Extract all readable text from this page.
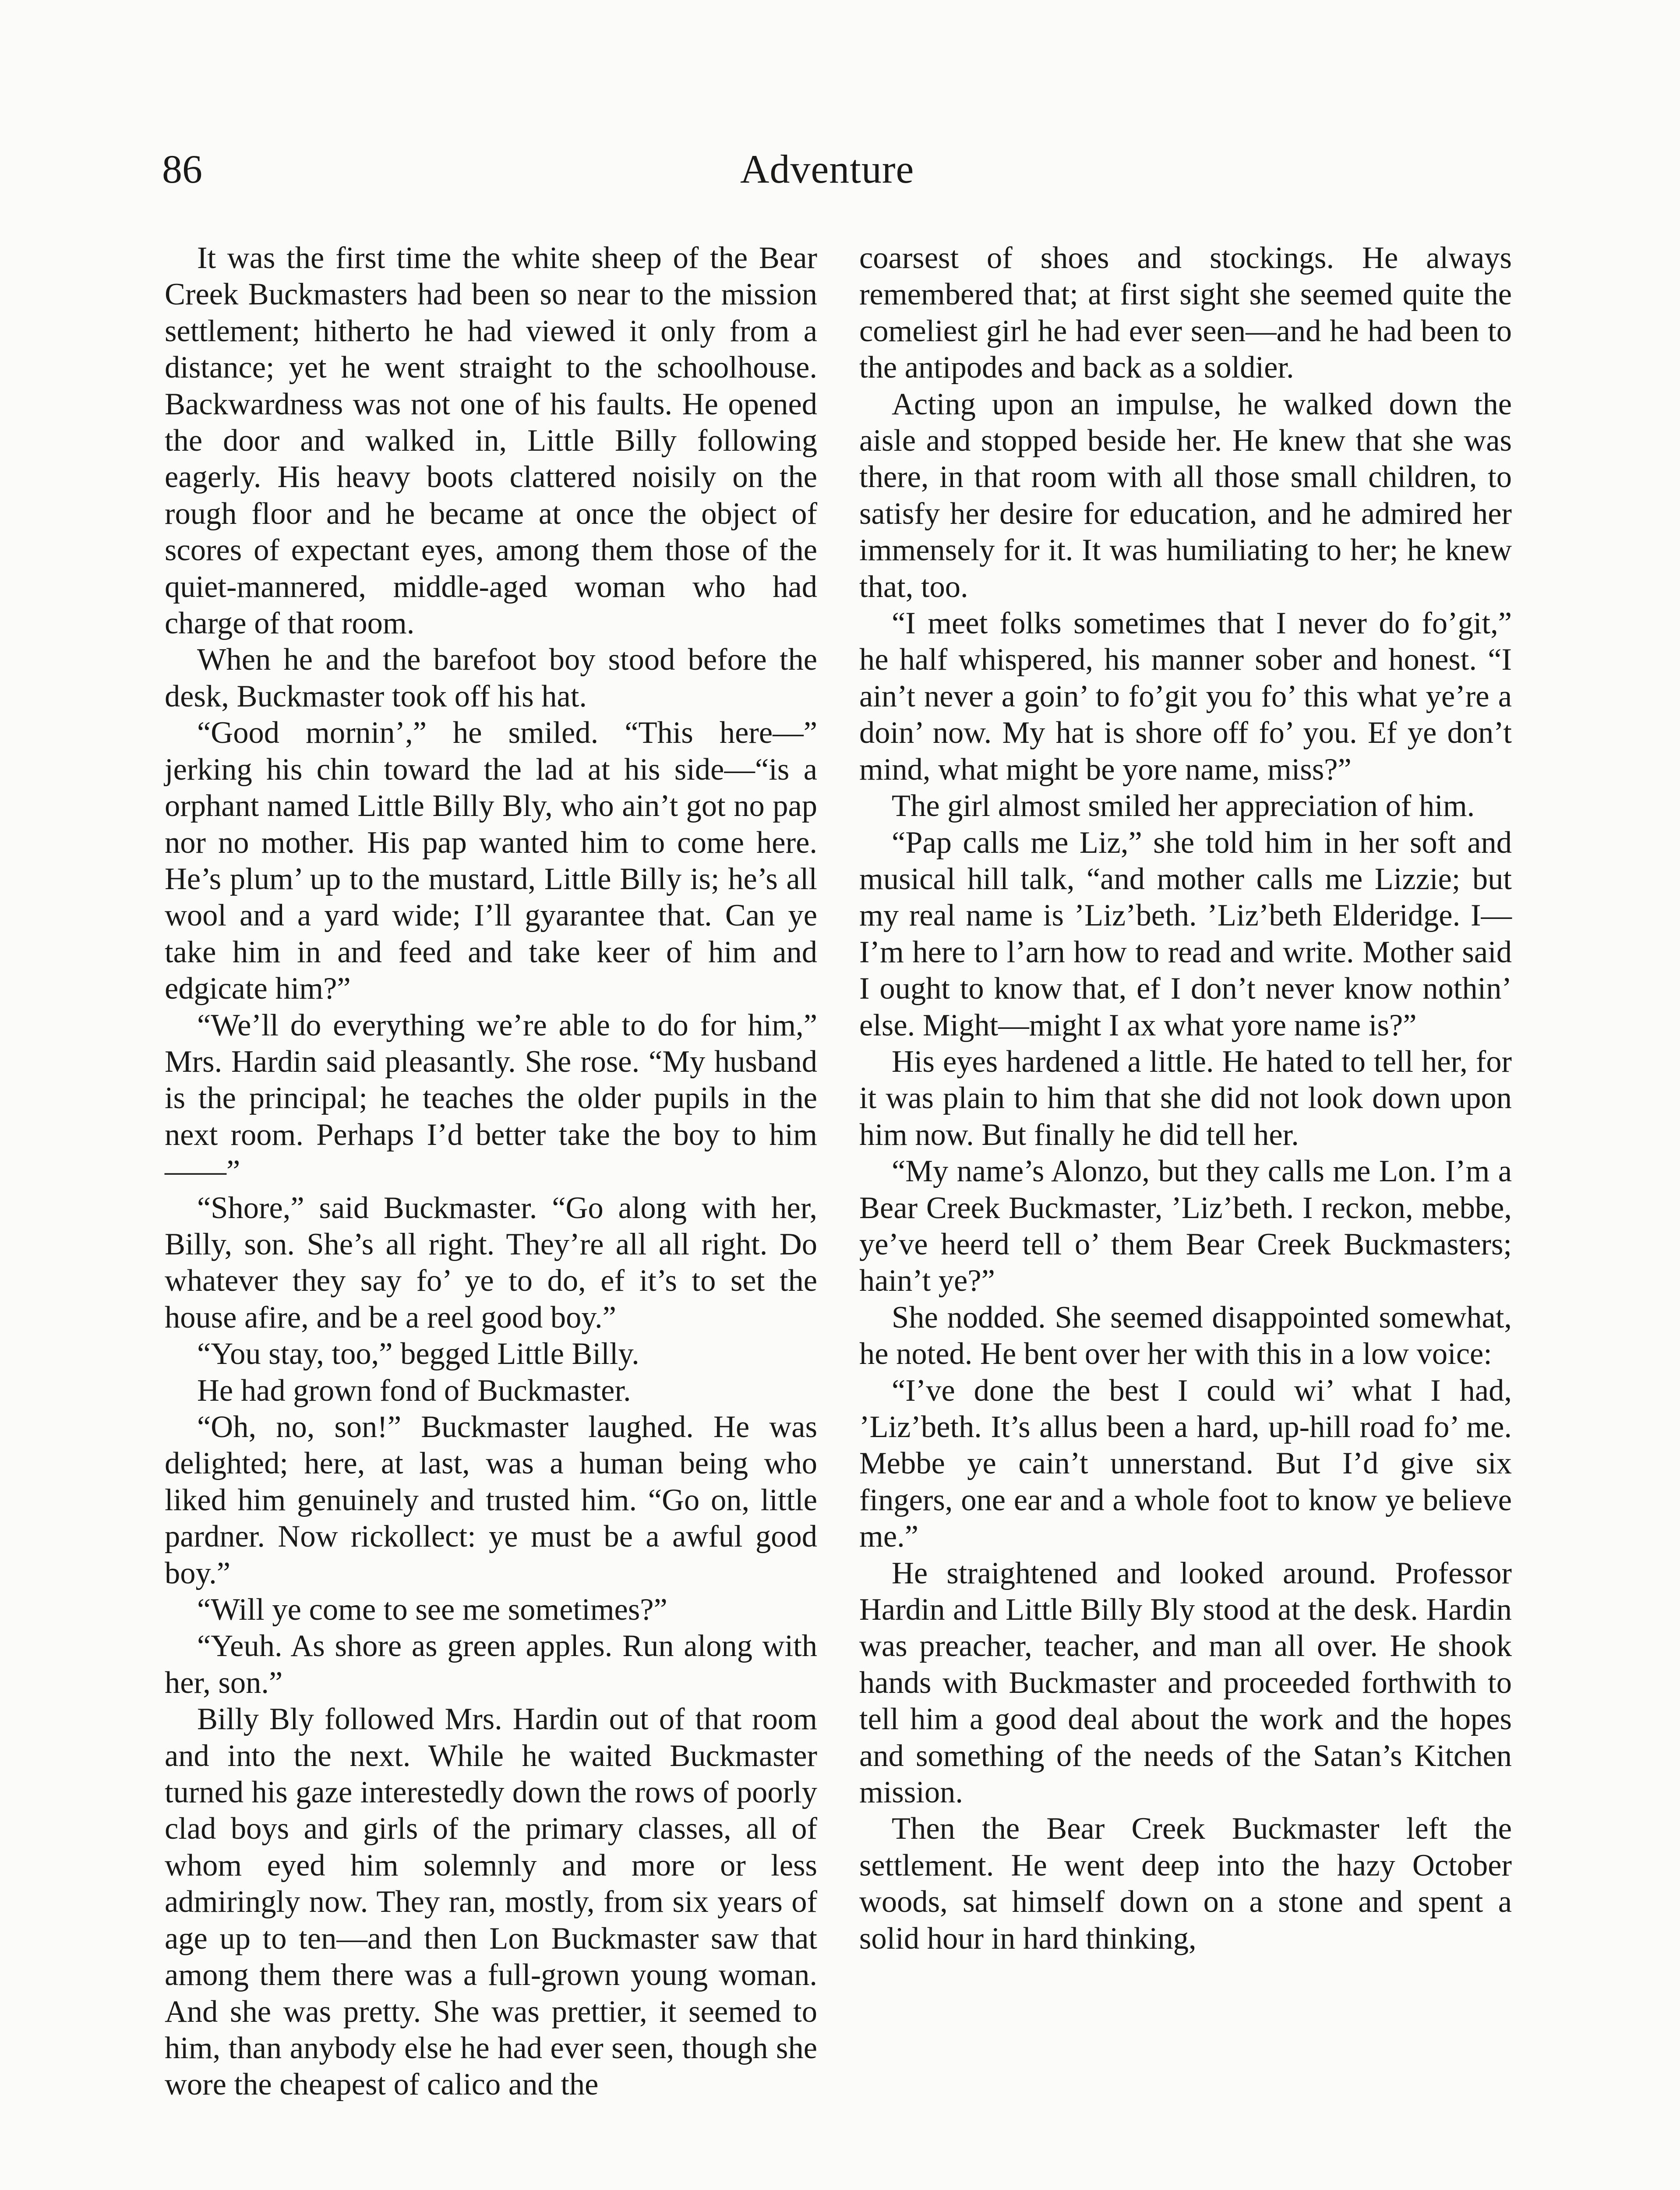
86	Adventure

It was the first time the white sheep of the Bear Creek Buckmasters had been so near to the mission settlement; hitherto he had viewed it only from a distance; yet he went straight to the schoolhouse. Backwardness was not one of his faults. He opened the door and walked in, Little Billy following eagerly. His heavy boots clattered noisily on the rough floor and he became at once the object of scores of expectant eyes, among them those of the quiet-mannered, middle-aged woman who had charge of that room.

When he and the barefoot boy stood before the desk, Buckmaster took off his hat.

“Good mornin’,” he smiled. “This here—” jerking his chin toward the lad at his side—“is a orphant named Little Billy Bly, who ain’t got no pap nor no mother. His pap wanted him to come here. He’s plum’ up to the mustard, Little Billy is; he’s all wool and a yard wide; I’ll gyarantee that. Can ye take him in and feed and take keer of him and edgicate him?”

“We’ll do everything we’re able to do for him,” Mrs. Hardin said pleasantly. She rose. “My husband is the principal; he teaches the older pupils in the next room. Perhaps I’d better take the boy to him——”

“Shore,” said Buckmaster. “Go along with her, Billy, son. She’s all right. They’re all all right. Do whatever they say fo’ ye to do, ef it’s to set the house afire, and be a reel good boy.”

“You stay, too,” begged Little Billy.

He had grown fond of Buckmaster.

“Oh, no, son!” Buckmaster laughed. He was delighted; here, at last, was a human being who liked him genuinely and trusted him. “Go on, little pardner. Now rickollect: ye must be a awful good boy.”

“Will ye come to see me sometimes?”

“Yeuh. As shore as green apples. Run along with her, son.”

Billy Bly followed Mrs. Hardin out of that room and into the next. While he waited Buckmaster turned his gaze interestedly down the rows of poorly clad boys and girls of the primary classes, all of whom eyed him solemnly and more or less admiringly now. They ran, mostly, from six years of age up to ten—and then Lon Buckmaster saw that among them there was a full-grown young woman. And she was pretty. She was prettier, it seemed to him, than anybody else he had ever seen, though she wore the cheapest of calico and the

coarsest of shoes and stockings. He always remembered that; at first sight she seemed quite the comeliest girl he had ever seen—and he had been to the antipodes and back as a soldier.

Acting upon an impulse, he walked down the aisle and stopped beside her. He knew that she was there, in that room with all those small children, to satisfy her desire for education, and he admired her immensely for it. It was humiliating to her; he knew that, too.

“I meet folks sometimes that I never do fo’git,” he half whispered, his manner sober and honest. “I ain’t never a goin’ to fo’git you fo’ this what ye’re a doin’ now. My hat is shore off fo’ you. Ef ye don’t mind, what might be yore name, miss?”

The girl almost smiled her appreciation of him.

“Pap calls me Liz,” she told him in her soft and musical hill talk, “and mother calls me Lizzie; but my real name is ’Liz’beth. ’Liz’beth Elderidge. I—I’m here to l’arn how to read and write. Mother said I ought to know that, ef I don’t never know nothin’ else. Might—might I ax what yore name is?”

His eyes hardened a little. He hated to tell her, for it was plain to him that she did not look down upon him now. But finally he did tell her.

“My name’s Alonzo, but they calls me Lon. I’m a Bear Creek Buckmaster, ’Liz’beth. I reckon, mebbe, ye’ve heerd tell o’ them Bear Creek Buckmasters; hain’t ye?”

She nodded. She seemed disappointed somewhat, he noted. He bent over her with this in a low voice:

“I’ve done the best I could wi’ what I had, ’Liz’beth. It’s allus been a hard, up-hill road fo’ me. Mebbe ye cain’t unnerstand. But I’d give six fingers, one ear and a whole foot to know ye believe me.”

He straightened and looked around. Professor Hardin and Little Billy Bly stood at the desk. Hardin was preacher, teacher, and man all over. He shook hands with Buckmaster and proceeded forthwith to tell him a good deal about the work and the hopes and something of the needs of the Satan’s Kitchen mission.

Then the Bear Creek Buckmaster left the settlement. He went deep into the hazy October woods, sat himself down on a stone and spent a solid hour in hard thinking,
